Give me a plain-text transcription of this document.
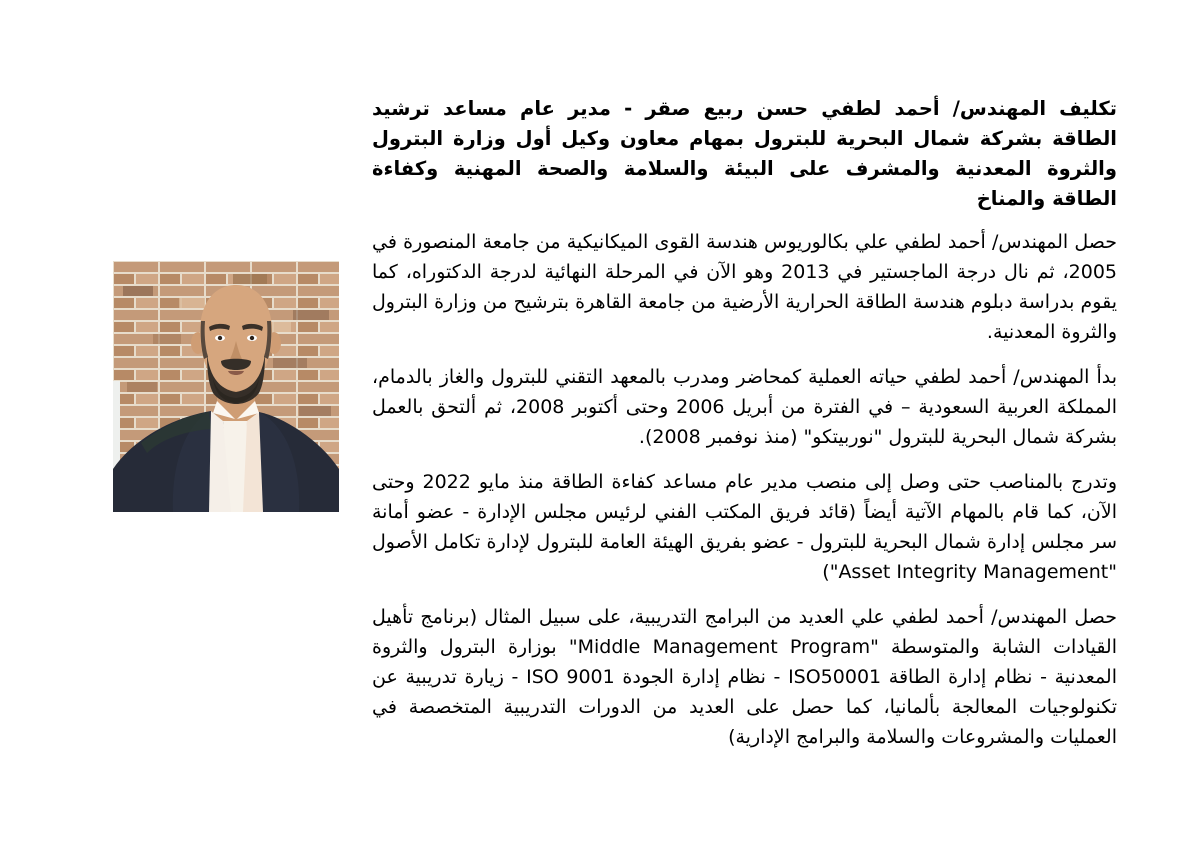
تكليف المهندس/ أحمد لطفي حسن ربيع صقر - مدير عام مساعد ترشيد الطاقة بشركة شمال البحرية للبترول بمهام معاون وكيل أول وزارة البترول والثروة المعدنية والمشرف على البيئة والسلامة والصحة المهنية وكفاءة الطاقة والمناخ

حصل المهندس/ أحمد لطفي علي بكالوريوس هندسة القوى الميكانيكية من جامعة المنصورة في 2005، ثم نال درجة الماجستير في 2013 وهو الآن في المرحلة النهائية لدرجة الدكتوراه، كما يقوم بدراسة دبلوم هندسة الطاقة الحرارية الأرضية من جامعة القاهرة بترشيح من وزارة البترول والثروة المعدنية.

بدأ المهندس/ أحمد لطفي حياته العملية كمحاضر ومدرب بالمعهد التقني للبترول والغاز بالدمام، المملكة العربية السعودية – في الفترة من أبريل 2006 وحتى أكتوبر 2008، ثم ألتحق بالعمل بشركة شمال البحرية للبترول "نوربيتكو" (منذ نوفمبر 2008).

وتدرج بالمناصب حتى وصل إلى منصب مدير عام مساعد كفاءة الطاقة منذ مايو 2022 وحتى الآن، كما قام بالمهام الآتية أيضاً (قائد فريق المكتب الفني لرئيس مجلس الإدارة - عضو أمانة سر مجلس إدارة شمال البحرية للبترول - عضو بفريق الهيئة العامة للبترول لإدارة تكامل الأصول "Asset Integrity Management")

حصل المهندس/ أحمد لطفي علي العديد من البرامج التدريبية، على سبيل المثال (برنامج تأهيل القيادات الشابة والمتوسطة "Middle Management Program" بوزارة البترول والثروة المعدنية - نظام إدارة الطاقة ISO50001 - نظام إدارة الجودة ISO 9001 - زيارة تدريبية عن تكنولوجيات المعالجة بألمانيا، كما حصل على العديد من الدورات التدريبية المتخصصة في العمليات والمشروعات والسلامة والبرامج الإدارية)
